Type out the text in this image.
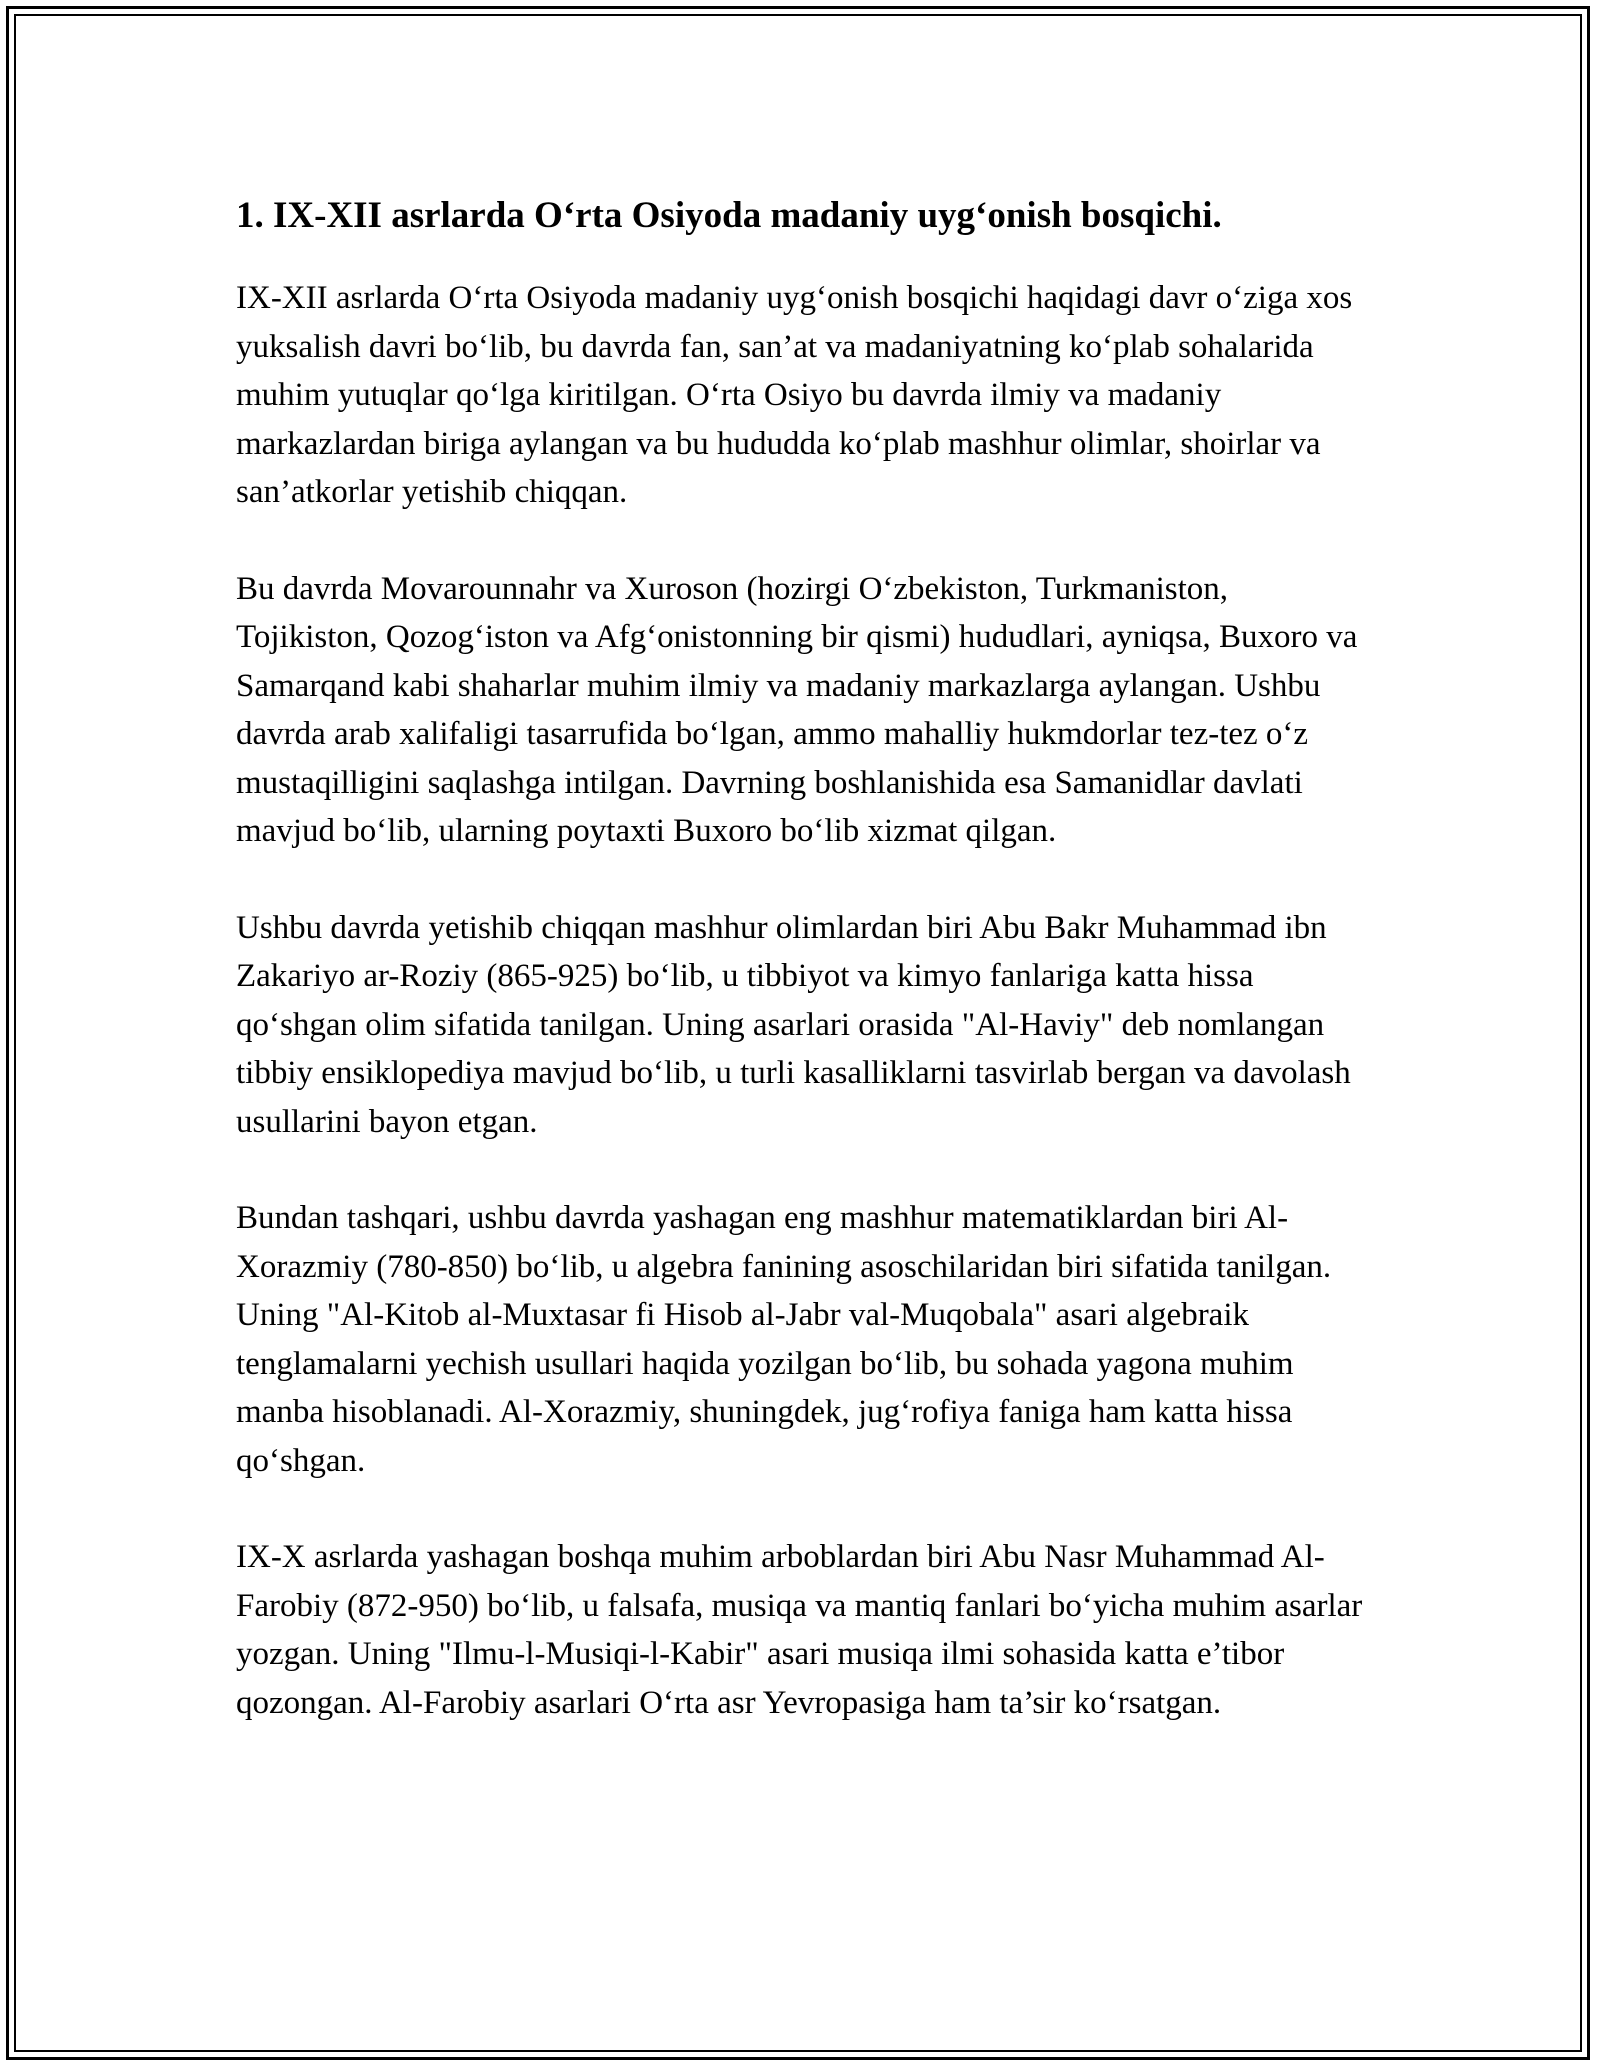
1. IX-XII asrlarda O‘rta Osiyoda madaniy uyg‘onish bosqichi.

IX-XII asrlarda O‘rta Osiyoda madaniy uyg‘onish bosqichi haqidagi davr o‘ziga xos yuksalish davri bo‘lib, bu davrda fan, san’at va madaniyatning ko‘plab sohalarida muhim yutuqlar qo‘lga kiritilgan. O‘rta Osiyo bu davrda ilmiy va madaniy markazlardan biriga aylangan va bu hududda ko‘plab mashhur olimlar, shoirlar va san’atkorlar yetishib chiqqan.

Bu davrda Movarounnahr va Xuroson (hozirgi O‘zbekiston, Turkmaniston, Tojikiston, Qozog‘iston va Afg‘onistonning bir qismi) hududlari, ayniqsa, Buxoro va Samarqand kabi shaharlar muhim ilmiy va madaniy markazlarga aylangan. Ushbu davrda arab xalifaligi tasarrufida bo‘lgan, ammo mahalliy hukmdorlar tez-tez o‘z mustaqilligini saqlashga intilgan. Davrning boshlanishida esa Samanidlar davlati mavjud bo‘lib, ularning poytaxti Buxoro bo‘lib xizmat qilgan.

Ushbu davrda yetishib chiqqan mashhur olimlardan biri Abu Bakr Muhammad ibn Zakariyo ar-Roziy (865-925) bo‘lib, u tibbiyot va kimyo fanlariga katta hissa qo‘shgan olim sifatida tanilgan. Uning asarlari orasida "Al-Haviy" deb nomlangan tibbiy ensiklopediya mavjud bo‘lib, u turli kasalliklarni tasvirlab bergan va davolash usullarini bayon etgan.

Bundan tashqari, ushbu davrda yashagan eng mashhur matematiklardan biri Al-Xorazmiy (780-850) bo‘lib, u algebra fanining asoschilaridan biri sifatida tanilgan. Uning "Al-Kitob al-Muxtasar fi Hisob al-Jabr val-Muqobala" asari algebraik tenglamalarni yechish usullari haqida yozilgan bo‘lib, bu sohada yagona muhim manba hisoblanadi. Al-Xorazmiy, shuningdek, jug‘rofiya faniga ham katta hissa qo‘shgan.

IX-X asrlarda yashagan boshqa muhim arboblardan biri Abu Nasr Muhammad Al-Farobiy (872-950) bo‘lib, u falsafa, musiqa va mantiq fanlari bo‘yicha muhim asarlar yozgan. Uning "Ilmu-l-Musiqi-l-Kabir" asari musiqa ilmi sohasida katta e’tibor qozongan. Al-Farobiy asarlari O‘rta asr Yevropasiga ham ta’sir ko‘rsatgan.
